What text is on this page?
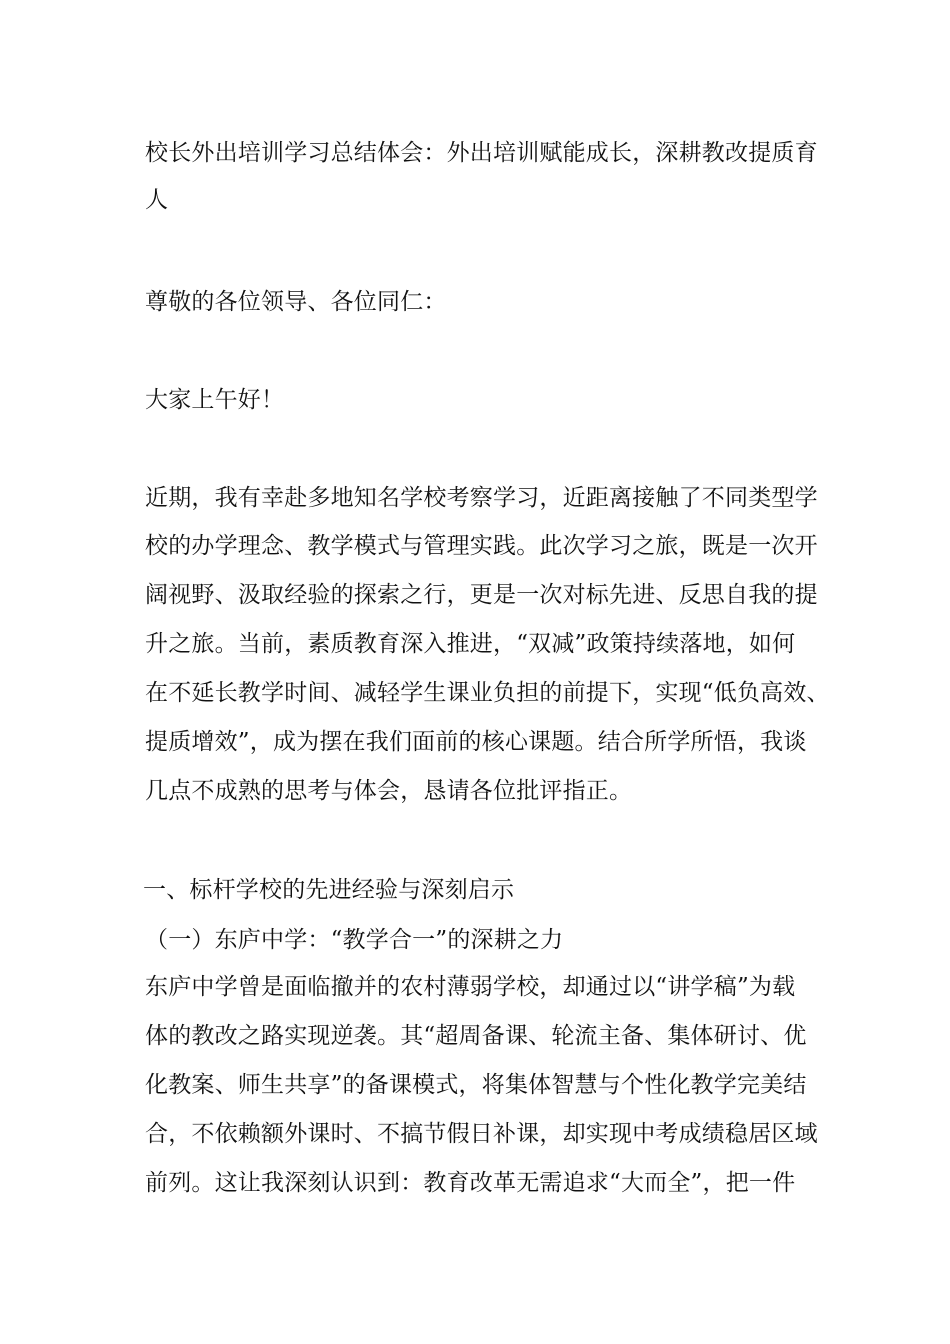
校长外出培训学习总结体会：外出培训赋能成长，深耕教改提质育
人
尊敬的各位领导、各位同仁：
大家上午好！
近期，我有幸赴多地知名学校考察学习，近距离接触了不同类型学
校的办学理念、教学模式与管理实践。此次学习之旅，既是一次开
阔视野、汲取经验的探索之行，更是一次对标先进、反思自我的提
升之旅。当前，素质教育深入推进，“双减”政策持续落地，如何
在不延长教学时间、减轻学生课业负担的前提下，实现“低负高效、
提质增效”，成为摆在我们面前的核心课题。结合所学所悟，我谈
几点不成熟的思考与体会，恳请各位批评指正。
一、标杆学校的先进经验与深刻启示
（一）东庐中学：“教学合一”的深耕之力
东庐中学曾是面临撤并的农村薄弱学校，却通过以“讲学稿”为载
体的教改之路实现逆袭。其“超周备课、轮流主备、集体研讨、优
化教案、师生共享”的备课模式，将集体智慧与个性化教学完美结
合，不依赖额外课时、不搞节假日补课，却实现中考成绩稳居区域
前列。这让我深刻认识到：教育改革无需追求“大而全”，把一件
